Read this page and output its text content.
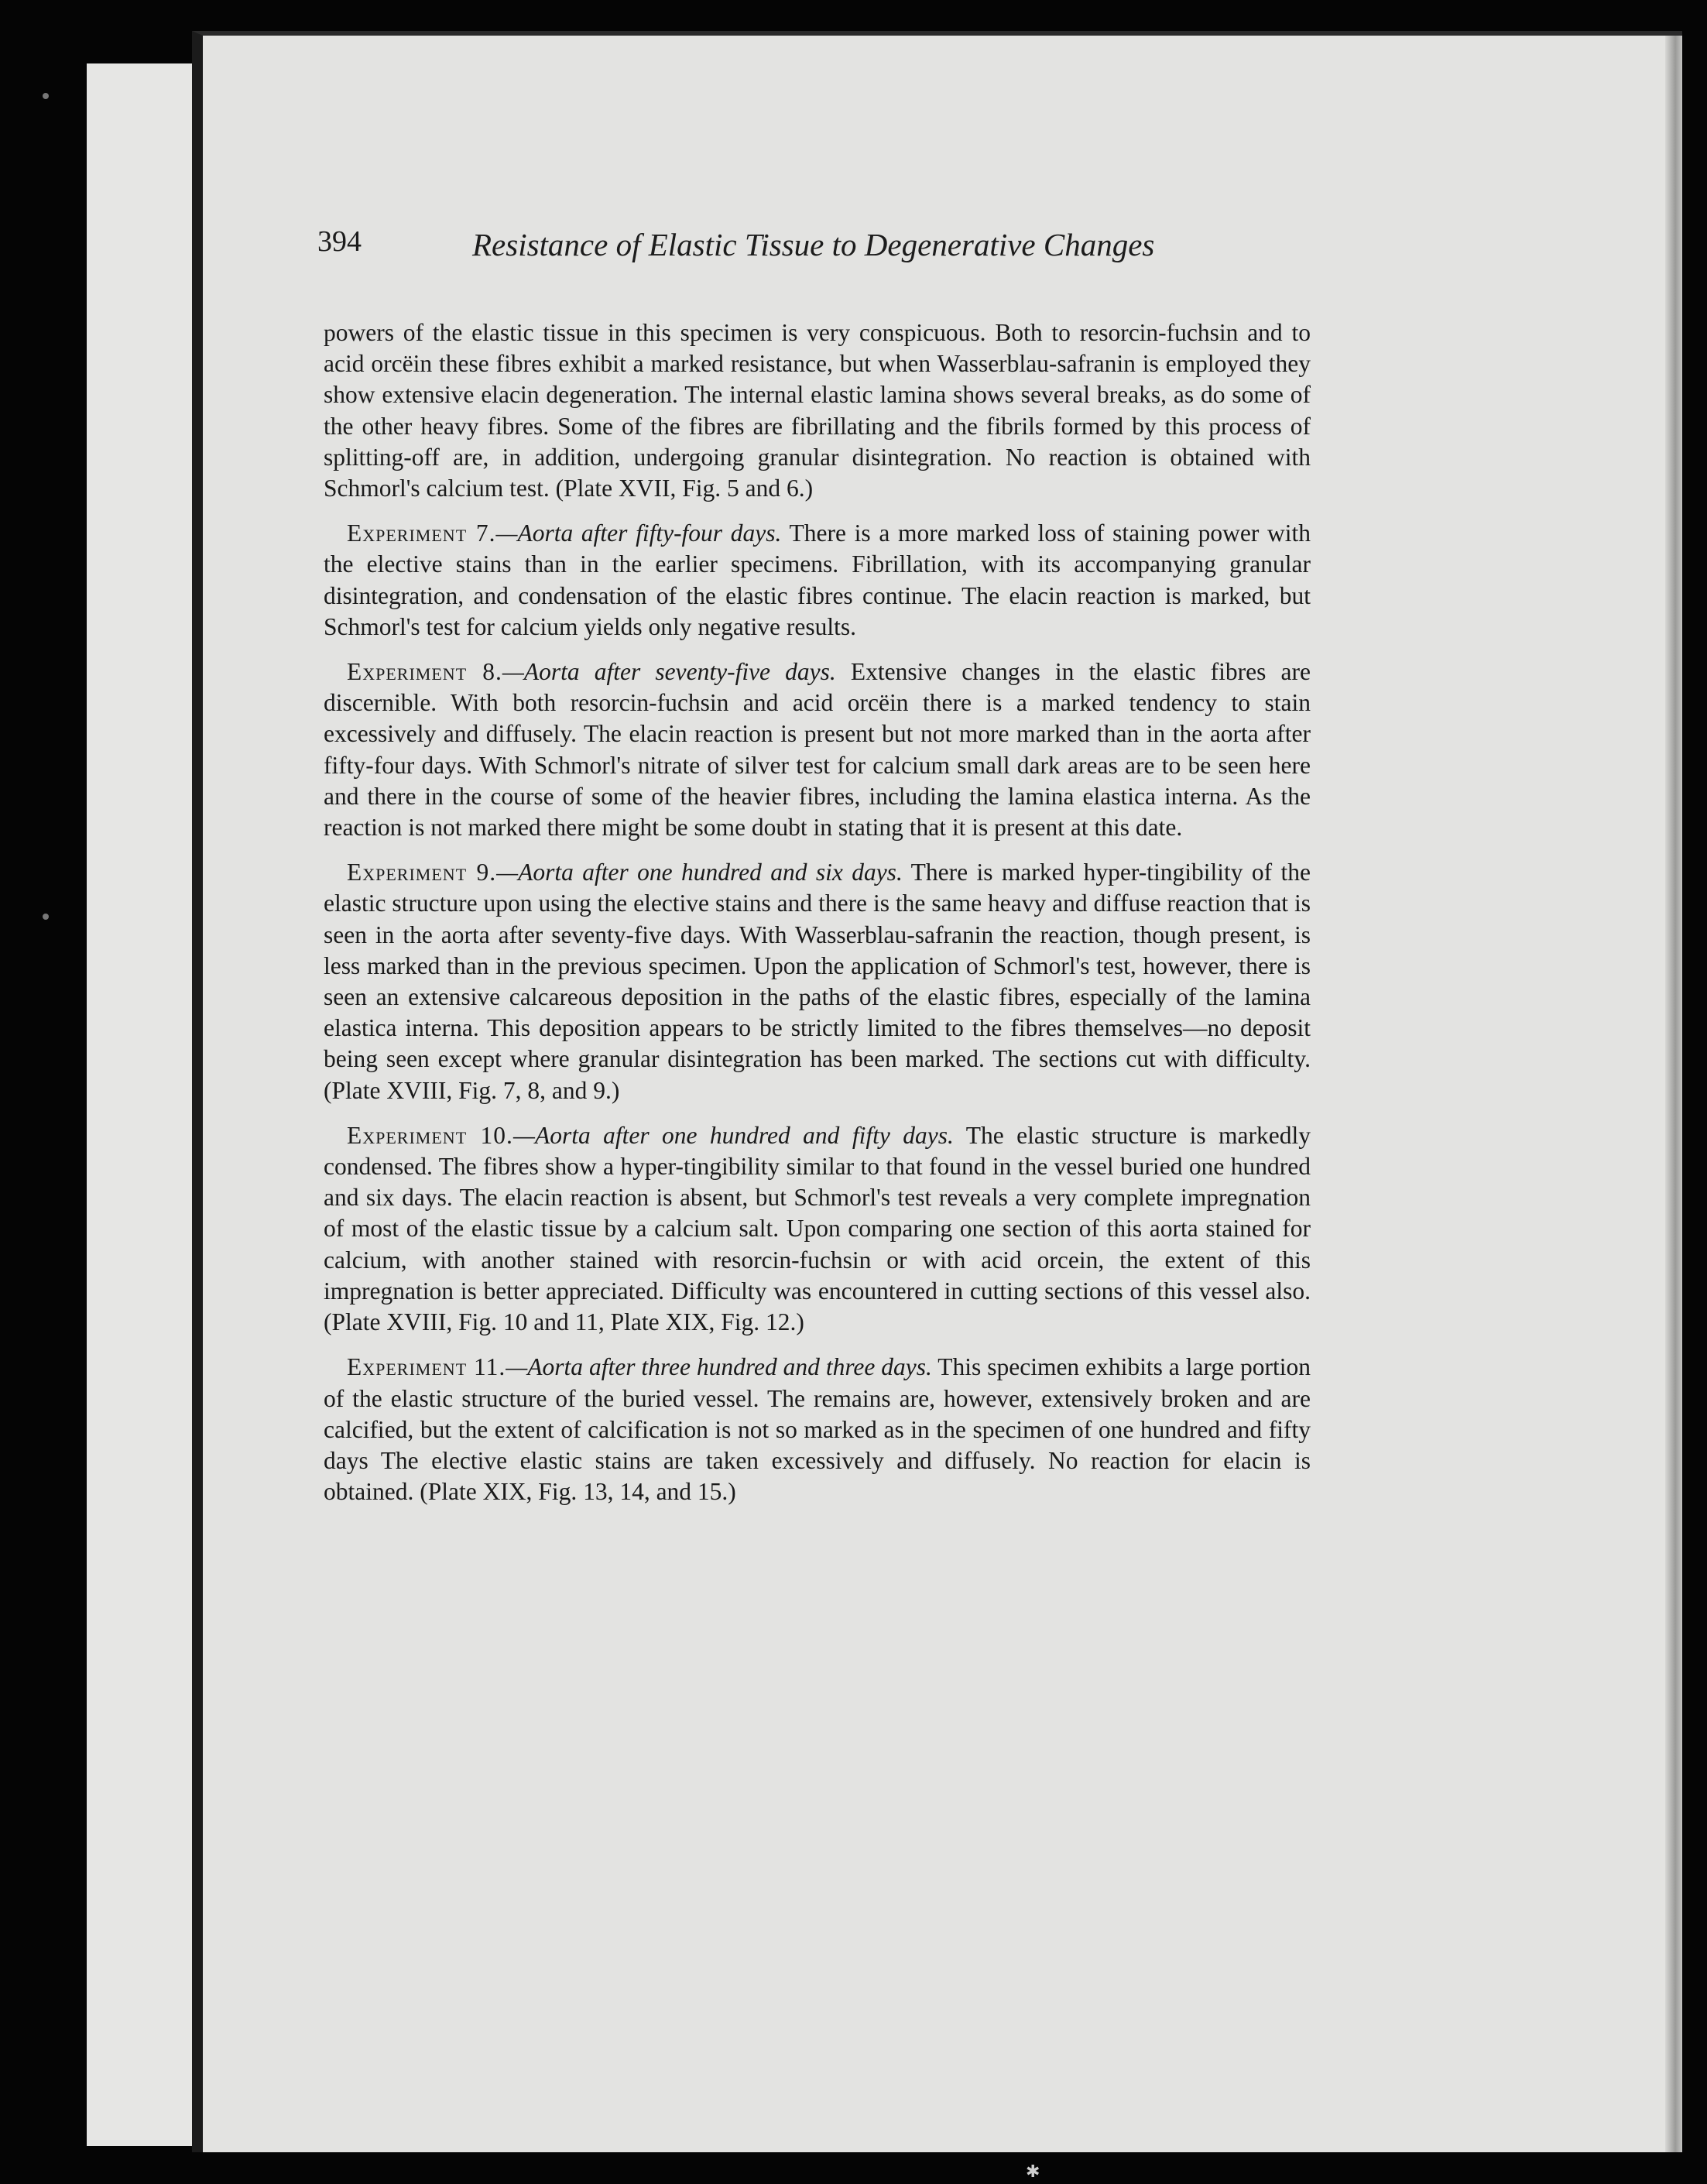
394	Resistance of Elastic Tissue to Degenerative Changes

powers of the elastic tissue in this specimen is very conspicuous. Both to resorcin-fuchsin and to acid orcëin these fibres exhibit a marked resistance, but when Wasserblau-safranin is employed they show extensive elacin degeneration. The internal elastic lamina shows several breaks, as do some of the other heavy fibres. Some of the fibres are fibrillating and the fibrils formed by this process of splitting-off are, in addition, undergoing granular disintegration. No reaction is obtained with Schmorl's calcium test. (Plate XVII, Fig. 5 and 6.)

Experiment 7.—Aorta after fifty-four days. There is a more marked loss of staining power with the elective stains than in the earlier specimens. Fibrillation, with its accompanying granular disintegration, and condensation of the elastic fibres continue. The elacin reaction is marked, but Schmorl's test for calcium yields only negative results.

Experiment 8.—Aorta after seventy-five days. Extensive changes in the elastic fibres are discernible. With both resorcin-fuchsin and acid orcëin there is a marked tendency to stain excessively and diffusely. The elacin reaction is present but not more marked than in the aorta after fifty-four days. With Schmorl's nitrate of silver test for calcium small dark areas are to be seen here and there in the course of some of the heavier fibres, including the lamina elastica interna. As the reaction is not marked there might be some doubt in stating that it is present at this date.

Experiment 9.—Aorta after one hundred and six days. There is marked hyper-tingibility of the elastic structure upon using the elective stains and there is the same heavy and diffuse reaction that is seen in the aorta after seventy-five days. With Wasserblau-safranin the reaction, though present, is less marked than in the previous specimen. Upon the application of Schmorl's test, however, there is seen an extensive calcareous deposition in the paths of the elastic fibres, especially of the lamina elastica interna. This deposition appears to be strictly limited to the fibres themselves—no deposit being seen except where granular disintegration has been marked. The sections cut with difficulty. (Plate XVIII, Fig. 7, 8, and 9.)

Experiment 10.—Aorta after one hundred and fifty days. The elastic structure is markedly condensed. The fibres show a hyper-tingibility similar to that found in the vessel buried one hundred and six days. The elacin reaction is absent, but Schmorl's test reveals a very complete impregnation of most of the elastic tissue by a calcium salt. Upon comparing one section of this aorta stained for calcium, with another stained with resorcin-fuchsin or with acid orcein, the extent of this impregnation is better appreciated. Difficulty was encountered in cutting sections of this vessel also. (Plate XVIII, Fig. 10 and 11, Plate XIX, Fig. 12.)

Experiment 11.—Aorta after three hundred and three days. This specimen exhibits a large portion of the elastic structure of the buried vessel. The remains are, however, extensively broken and are calcified, but the extent of calcification is not so marked as in the specimen of one hundred and fifty days The elective elastic stains are taken excessively and diffusely. No reaction for elacin is obtained. (Plate XIX, Fig. 13, 14, and 15.)

✱
